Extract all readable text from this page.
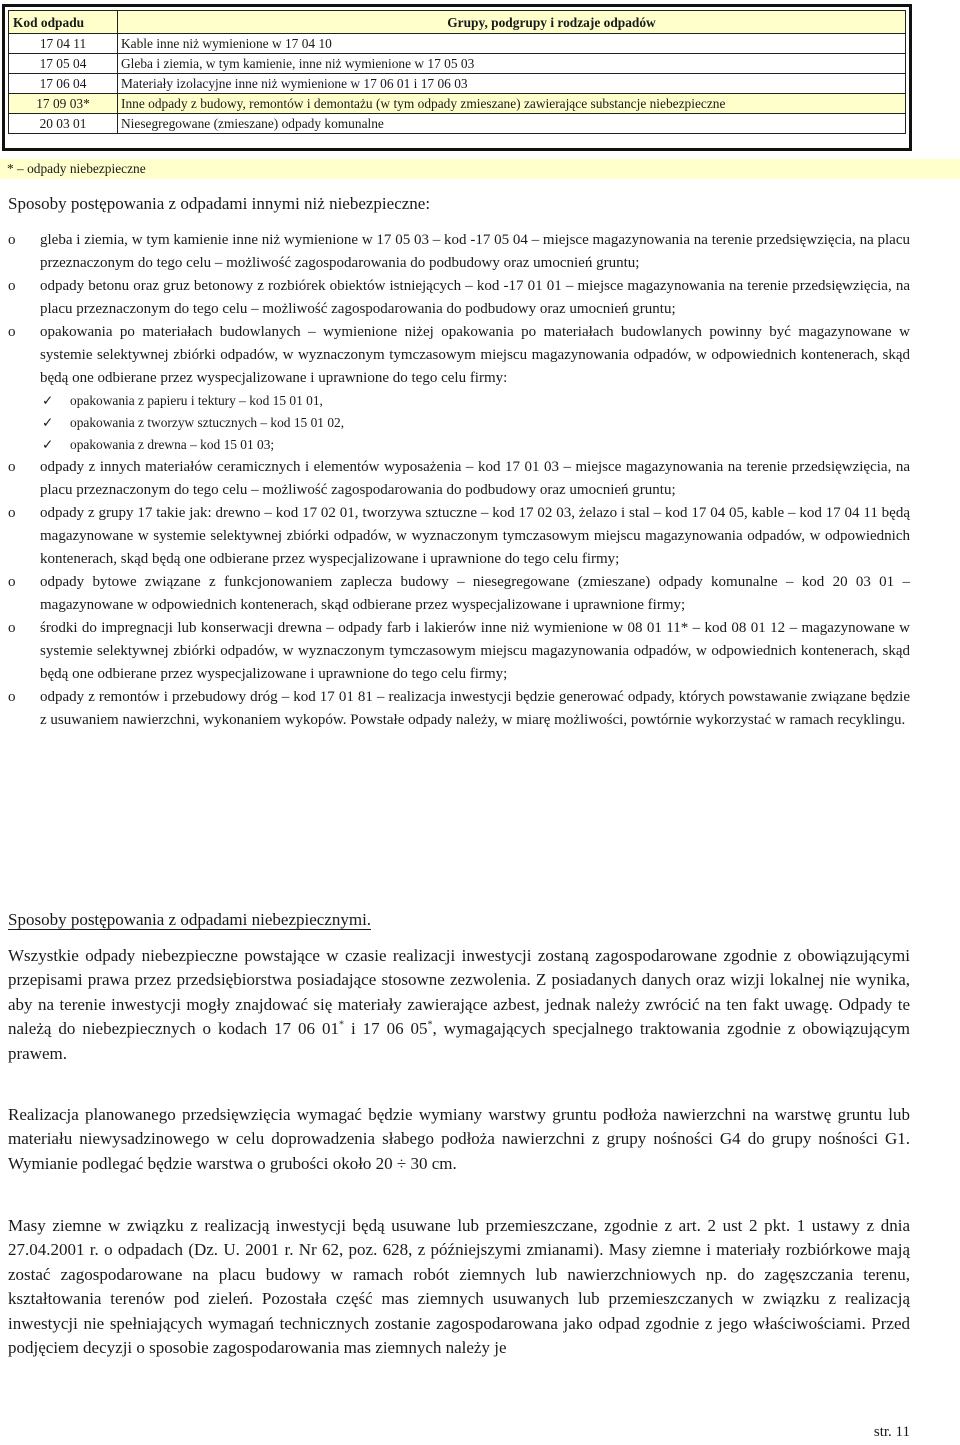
Kod odpadu	Grupy, podgrupy i rodzaje odpadów
17 04 11	Kable inne niż wymienione w 17 04 10
17 05 04	Gleba i ziemia, w tym kamienie, inne niż wymienione w 17 05 03
17 06 04	Materiały izolacyjne inne niż wymienione w 17 06 01 i 17 06 03
17 09 03*	Inne odpady z budowy, remontów i demontażu (w tym odpady zmieszane) zawierające substancje niebezpieczne
20 03 01	Niesegregowane (zmieszane) odpady komunalne
* – odpady niebezpieczne
Sposoby postępowania z odpadami innymi niż niebezpieczne:

o	gleba i ziemia, w tym kamienie inne niż wymienione w 17 05 03 – kod -17 05 04 – miejsce magazynowania na terenie przedsięwzięcia, na placu przeznaczonym do tego celu – możliwość zagospodarowania do podbudowy oraz umocnień gruntu;

o	odpady betonu oraz gruz betonowy z rozbiórek obiektów istniejących – kod -17 01 01 – miejsce magazynowania na terenie przedsięwzięcia, na placu przeznaczonym do tego celu – możliwość zagospodarowania do podbudowy oraz umocnień gruntu;

o	opakowania po materiałach budowlanych – wymienione niżej opakowania po materiałach budowlanych powinny być magazynowane w systemie selektywnej zbiórki odpadów, w wyznaczonym tymczasowym miejscu magazynowania odpadów, w odpowiednich kontenerach, skąd będą one odbierane przez wyspecjalizowane i uprawnione do tego celu firmy:

✓ opakowania z papieru i tektury – kod 15 01 01,
✓ opakowania z tworzyw sztucznych – kod 15 01 02,
✓ opakowania z drewna – kod 15 01 03;

o	odpady z innych materiałów ceramicznych i elementów wyposażenia – kod 17 01 03 – miejsce magazynowania na terenie przedsięwzięcia, na placu przeznaczonym do tego celu – możliwość zagospodarowania do podbudowy oraz umocnień gruntu;

o	odpady z grupy 17 takie jak: drewno – kod 17 02 01, tworzywa sztuczne – kod 17 02 03, żelazo i stal – kod 17 04 05, kable – kod 17 04 11 będą magazynowane w systemie selektywnej zbiórki odpadów, w wyznaczonym tymczasowym miejscu magazynowania odpadów, w odpowiednich kontenerach, skąd będą one odbierane przez wyspecjalizowane i uprawnione do tego celu firmy;

o	odpady bytowe związane z funkcjonowaniem zaplecza budowy – niesegregowane (zmieszane) odpady komunalne – kod 20 03 01 – magazynowane w odpowiednich kontenerach, skąd odbierane przez wyspecjalizowane i uprawnione firmy;

o	środki do impregnacji lub konserwacji drewna – odpady farb i lakierów inne niż wymienione w 08 01 11* – kod 08 01 12 – magazynowane w systemie selektywnej zbiórki odpadów, w wyznaczonym tymczasowym miejscu magazynowania odpadów, w odpowiednich kontenerach, skąd będą one odbierane przez wyspecjalizowane i uprawnione do tego celu firmy;

o	odpady z remontów i przebudowy dróg – kod 17 01 81 – realizacja inwestycji będzie generować odpady, których powstawanie związane będzie z usuwaniem nawierzchni, wykonaniem wykopów. Powstałe odpady należy, w miarę możliwości, powtórnie wykorzystać w ramach recyklingu.

Sposoby postępowania z odpadami niebezpiecznymi.

Wszystkie odpady niebezpieczne powstające w czasie realizacji inwestycji zostaną zagospodarowane zgodnie z obowiązującymi przepisami prawa przez przedsiębiorstwa posiadające stosowne zezwolenia. Z posiadanych danych oraz wizji lokalnej nie wynika, aby na terenie inwestycji mogły znajdować się materiały zawierające azbest, jednak należy zwrócić na ten fakt uwagę. Odpady te należą do niebezpiecznych o kodach 17 06 01* i 17 06 05*, wymagających specjalnego traktowania zgodnie z obowiązującym prawem.

Realizacja planowanego przedsięwzięcia wymagać będzie wymiany warstwy gruntu podłoża nawierzchni na warstwę gruntu lub materiału niewysadzinowego w celu doprowadzenia słabego podłoża nawierzchni z grupy nośności G4 do grupy nośności G1. Wymianie podlegać będzie warstwa o grubości około 20 ÷ 30 cm.

Masy ziemne w związku z realizacją inwestycji będą usuwane lub przemieszczane, zgodnie z art. 2 ust 2 pkt. 1 ustawy z dnia 27.04.2001 r. o odpadach (Dz. U. 2001 r. Nr 62, poz. 628, z późniejszymi zmianami). Masy ziemne i materiały rozbiórkowe mają zostać zagospodarowane na placu budowy w ramach robót ziemnych lub nawierzchniowych np. do zagęszczania terenu, kształtowania terenów pod zieleń. Pozostała część mas ziemnych usuwanych lub przemieszczanych w związku z realizacją inwestycji nie spełniających wymagań technicznych zostanie zagospodarowana jako odpad zgodnie z jego właściwościami. Przed podjęciem decyzji o sposobie zagospodarowania mas ziemnych należy je

str. 11
